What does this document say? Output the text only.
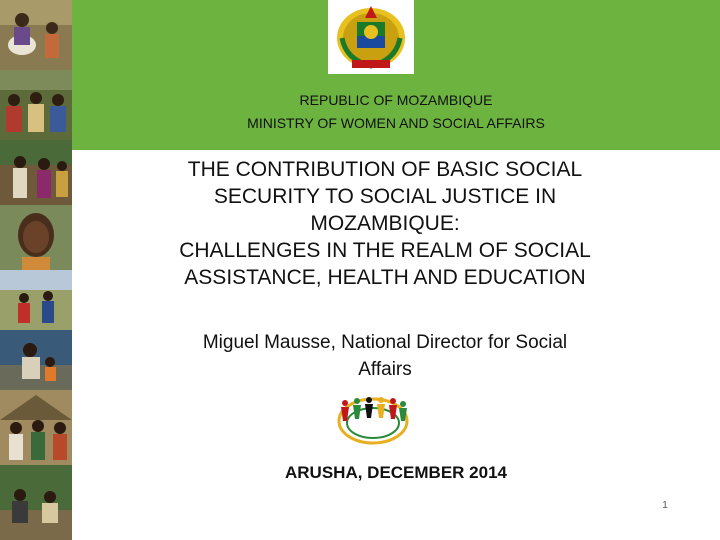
REPUBLIC OF MOZAMBIQUE
MINISTRY OF WOMEN AND SOCIAL AFFAIRS
THE CONTRIBUTION OF BASIC SOCIAL
SECURITY TO SOCIAL JUSTICE IN
MOZAMBIQUE:
CHALLENGES IN THE REALM OF SOCIAL
ASSISTANCE, HEALTH AND EDUCATION
Miguel Mausse, National Director for Social
Affairs
ARUSHA, DECEMBER 2014
1
